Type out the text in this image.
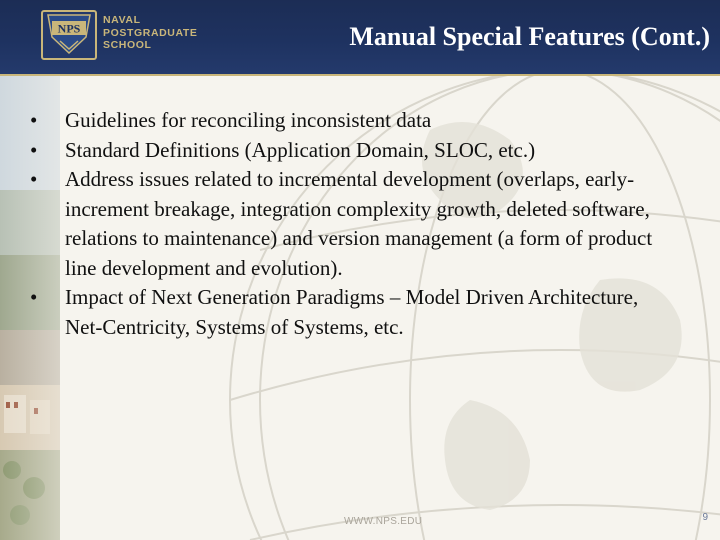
NPS
NAVAL
POSTGRADUATE
SCHOOL	Manual Special Features (Cont.)
• Guidelines for reconciling inconsistent data
• Standard Definitions (Application Domain, SLOC, etc.)
• Address issues related to incremental development (overlaps, early-increment breakage, integration complexity growth, deleted software, relations to maintenance) and version management (a form of product line development and evolution).
• Impact of Next Generation Paradigms – Model Driven Architecture, Net-Centricity, Systems of Systems, etc.
WWW.NPS.EDU	9
